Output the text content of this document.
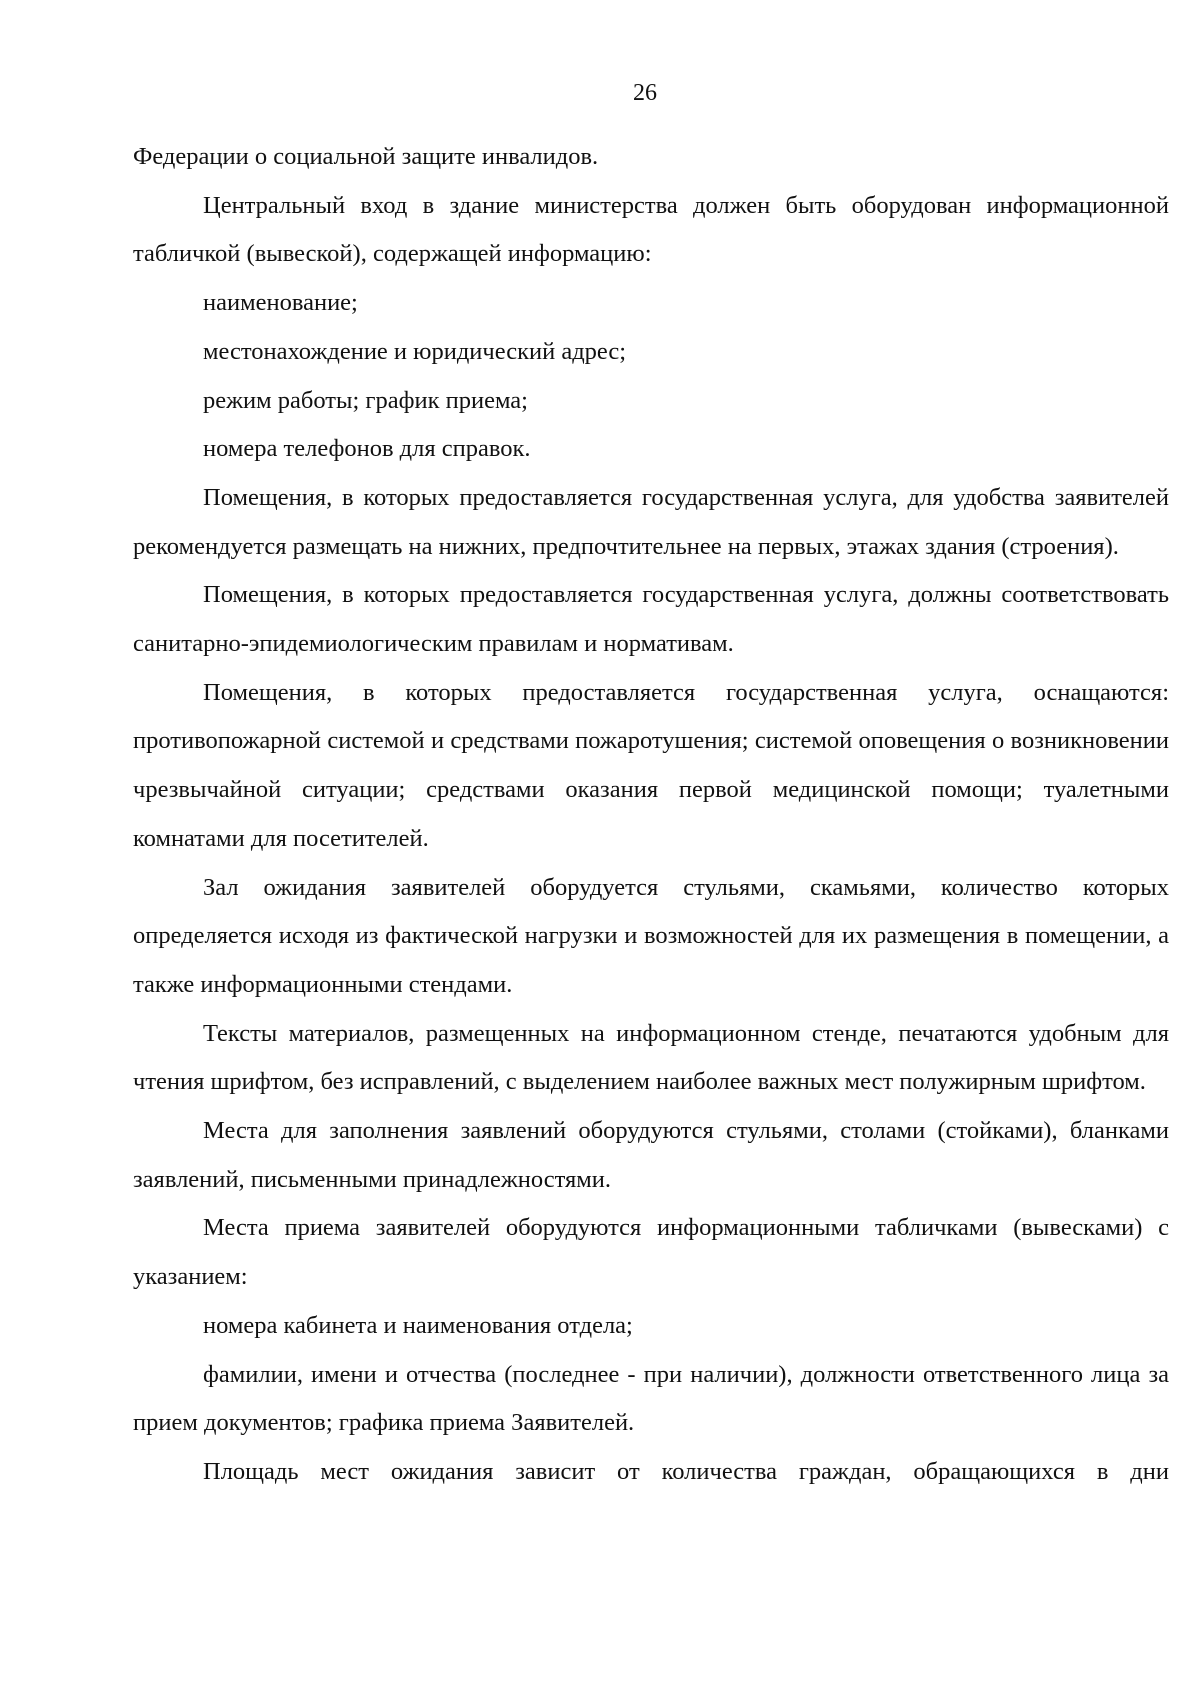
26

Федерации о социальной защите инвалидов.

Центральный вход в здание министерства должен быть оборудован информационной табличкой (вывеской), содержащей информацию:

наименование;

местонахождение и юридический адрес;

режим работы; график приема;

номера телефонов для справок.

Помещения, в которых предоставляется государственная услуга, для удобства заявителей рекомендуется размещать на нижних, предпочтительнее на первых, этажах здания (строения).

Помещения, в которых предоставляется государственная услуга, должны соответствовать санитарно-эпидемиологическим правилам и нормативам.

Помещения, в которых предоставляется государственная услуга, оснащаются: противопожарной системой и средствами пожаротушения; системой оповещения о возникновении чрезвычайной ситуации; средствами оказания первой медицинской помощи; туалетными комнатами для посетителей.

Зал ожидания заявителей оборудуется стульями, скамьями, количество которых определяется исходя из фактической нагрузки и возможностей для их размещения в помещении, а также информационными стендами.

Тексты материалов, размещенных на информационном стенде, печатаются удобным для чтения шрифтом, без исправлений, с выделением наиболее важных мест полужирным шрифтом.

Места для заполнения заявлений оборудуются стульями, столами (стойками), бланками заявлений, письменными принадлежностями.

Места приема заявителей оборудуются информационными табличками (вывесками) с указанием:

номера кабинета и наименования отдела;

фамилии, имени и отчества (последнее - при наличии), должности ответственного лица за прием документов; графика приема Заявителей.

Площадь мест ожидания зависит от количества граждан, обращающихся в дни
